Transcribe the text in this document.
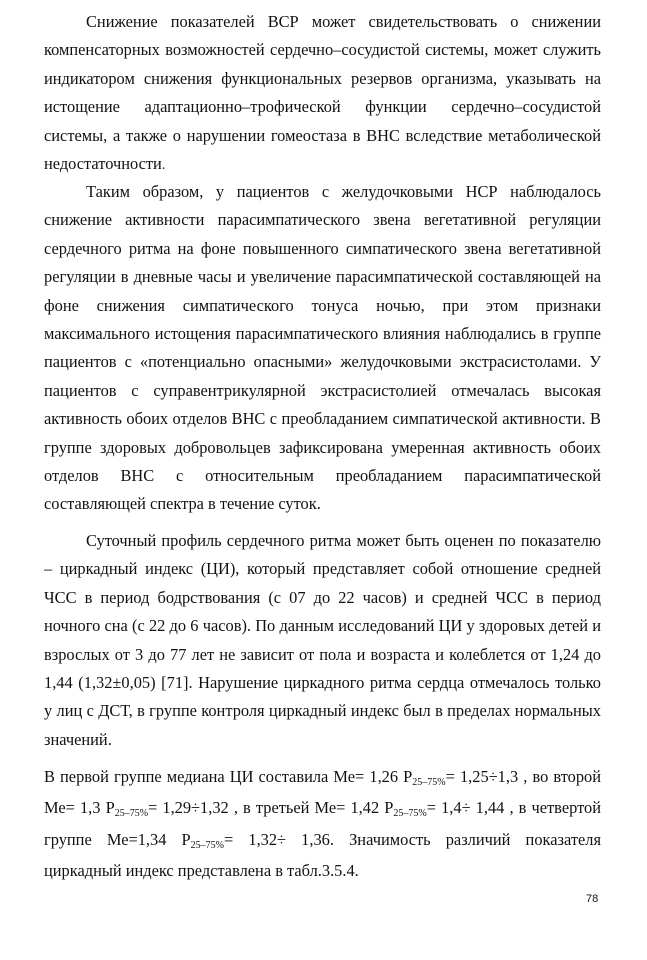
Снижение показателей ВСР может свидетельствовать о снижении компенсаторных возможностей сердечно–сосудистой системы, может служить индикатором снижения функциональных резервов организма, указывать на истощение адаптационно–трофической функции сердечно–сосудистой системы, а также о нарушении гомеостаза в ВНС вследствие метаболической недостаточности.

Таким образом, у пациентов с желудочковыми НСР наблюдалось снижение активности парасимпатического звена вегетативной регуляции сердечного ритма на фоне повышенного симпатического звена вегетативной регуляции в дневные часы и увеличение парасимпатической составляющей на фоне снижения симпатического тонуса ночью, при этом признаки максимального истощения парасимпатического влияния наблюдались в группе пациентов с «потенциально опасными» желудочковыми экстрасистолами. У пациентов с суправентрикулярной экстрасистолией отмечалась высокая активность обоих отделов ВНС с преобладанием симпатической активности. В группе здоровых добровольцев зафиксирована умеренная активность обоих отделов ВНС с относительным преобладанием парасимпатической составляющей спектра в течение суток.

Суточный профиль сердечного ритма может быть оценен по показателю – циркадный индекс (ЦИ), который представляет собой отношение средней ЧСС в период бодрствования (с 07 до 22 часов) и средней ЧСС в период ночного сна (с 22 до 6 часов). По данным исследований ЦИ у здоровых детей и взрослых от 3 до 77 лет не зависит от пола и возраста и колеблется от 1,24 до 1,44 (1,32±0,05) [71]. Нарушение циркадного ритма сердца отмечалось только у лиц с ДСТ, в группе контроля циркадный индекс был в пределах нормальных значений.

В первой группе медиана ЦИ составила Ме= 1,26 P25–75%= 1,25÷1,3 , во второй Ме= 1,3 P25–75%= 1,29÷1,32 , в третьей Ме= 1,42 P25–75%= 1,4÷ 1,44 , в четвертой группе Ме=1,34 P25–75%= 1,32÷ 1,36. Значимость различий показателя циркадный индекс представлена в табл.3.5.4.

78
